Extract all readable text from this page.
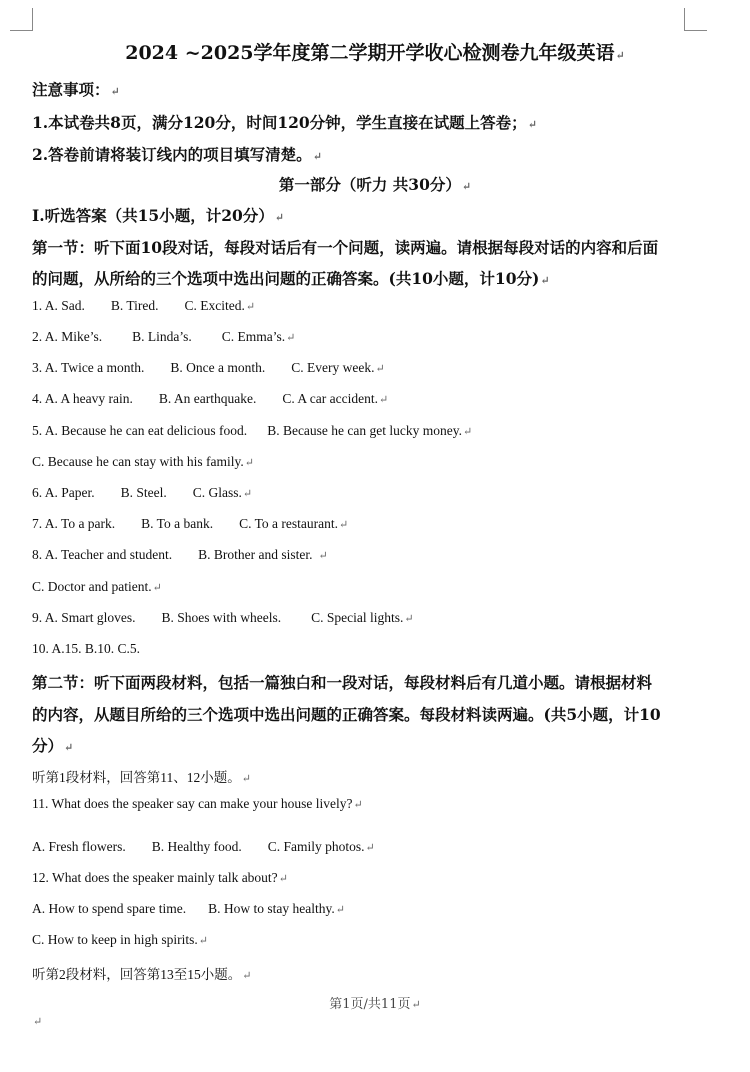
2024 ~2025学年度第二学期开学收心检测卷九年级英语↵
注意事项：↵
1.本试卷共8页，满分120分，时间120分钟，学生直接在试题上答卷；↵
2.答卷前请将装订线内的项目填写清楚。↵
第一部分（听力 共30分）↵
Ⅰ.听选答案（共15小题，计20分）↵
第一节：听下面10段对话，每段对话后有一个问题，读两遍。请根据每段对话的内容和后面
的问题，从所给的三个选项中选出问题的正确答案。(共10小题，计10分)↵
1. A. Sad. B. Tired. C. Excited.↵
2. A. Mike’s. B. Linda’s. C. Emma’s.↵
3. A. Twice a month. B. Once a month. C. Every week.↵
4. A. A heavy rain. B. An earthquake. C. A car accident.↵
5. A. Because he can eat delicious food. B. Because he can get lucky money.↵
C. Because he can stay with his family.↵
6. A. Paper. B. Steel. C. Glass.↵
7. A. To a park. B. To a bank. C. To a restaurant.↵
8. A. Teacher and student. B. Brother and sister. ↵
C. Doctor and patient.↵
9. A. Smart gloves. B. Shoes with wheels. C. Special lights.↵
10. A.15. B.10. C.5.
第二节：听下面两段材料，包括一篇独白和一段对话，每段材料后有几道小题。请根据材料
的内容，从题目所给的三个选项中选出问题的正确答案。每段材料读两遍。(共5小题，计10
分）↵
听第1段材料，回答第11、12小题。↵
11. What does the speaker say can make your house lively?↵
A. Fresh flowers. B. Healthy food. C. Family photos.↵
12. What does the speaker mainly talk about?↵
A. How to spend spare time. B. How to stay healthy.↵
C. How to keep in high spirits.↵
听第2段材料，回答第13至15小题。↵
第1页/共11页↵
↵
